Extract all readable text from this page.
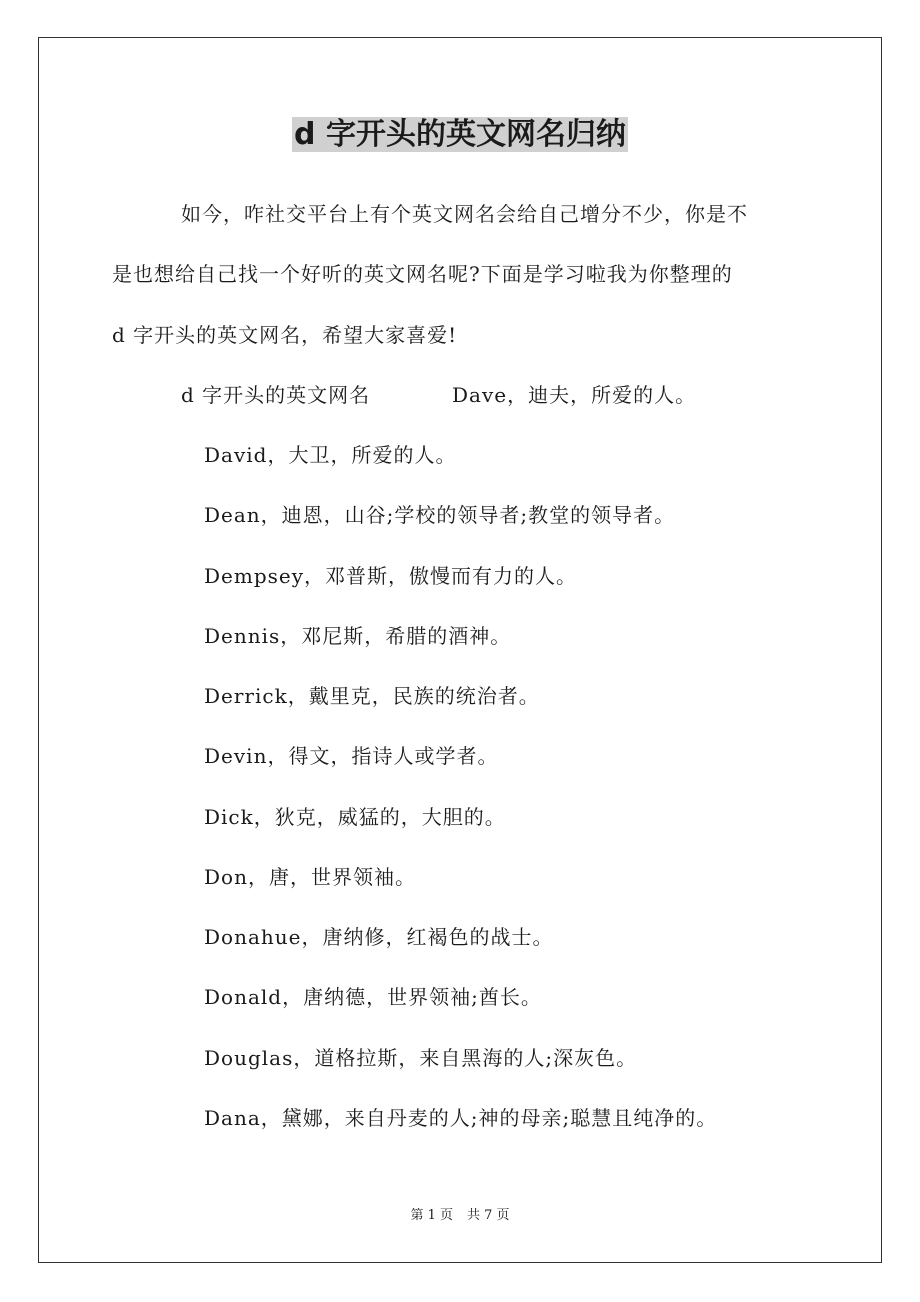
d 字开头的英文网名归纳
如今，咋社交平台上有个英文网名会给自己增分不少，你是不
是也想给自己找一个好听的英文网名呢?下面是学习啦我为你整理的
d 字开头的英文网名，希望大家喜爱!
d 字开头的英文网名	Dave，迪夫，所爱的人。
David，大卫，所爱的人。
Dean，迪恩，山谷;学校的领导者;教堂的领导者。
Dempsey，邓普斯，傲慢而有力的人。
Dennis，邓尼斯，希腊的酒神。
Derrick，戴里克，民族的统治者。
Devin，得文，指诗人或学者。
Dick，狄克，威猛的，大胆的。
Don，唐，世界领袖。
Donahue，唐纳修，红褐色的战士。
Donald，唐纳德，世界领袖;酋长。
Douglas，道格拉斯，来自黑海的人;深灰色。
Dana，黛娜，来自丹麦的人;神的母亲;聪慧且纯净的。
第 1 页 共 7 页
